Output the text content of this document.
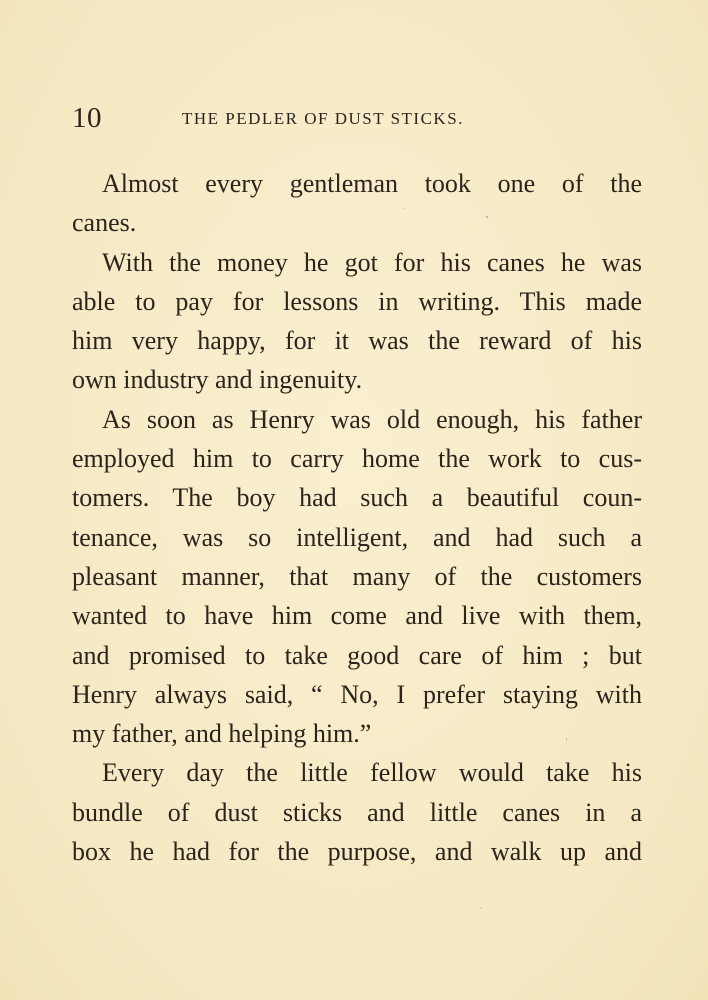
10	THE PEDLER OF DUST STICKS.

Almost every gentleman took one of the
canes.

With the money he got for his canes he was
able to pay for lessons in writing. This made
him very happy, for it was the reward of his
own industry and ingenuity.

As soon as Henry was old enough, his father
employed him to carry home the work to cus-
tomers. The boy had such a beautiful coun-
tenance, was so intelligent, and had such a
pleasant manner, that many of the customers
wanted to have him come and live with them,
and promised to take good care of him ; but
Henry always said, “ No, I prefer staying with
my father, and helping him.”

Every day the little fellow would take his
bundle of dust sticks and little canes in a
box he had for the purpose, and walk up and
